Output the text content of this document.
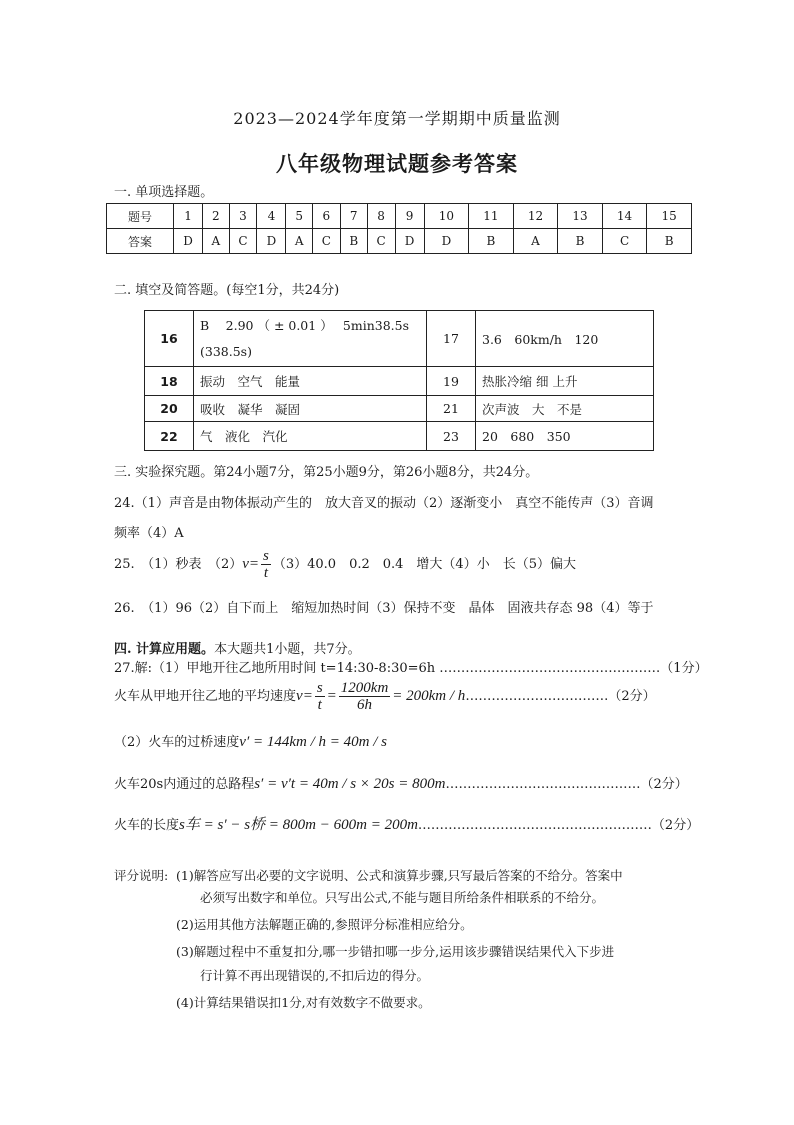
2023—2024学年度第一学期期中质量监测
八年级物理试题参考答案
一. 单项选择题。
题号	1	2	3	4	5	6	7	8	9	10	11	12	13	14	15
答案	D	A	C	D	A	C	B	C	D	D	B	A	B	C	B
二. 填空及简答题。(每空1分，共24分)
16	B　 2.90 （ ± 0.01 ）　 5min38.5s (338.5s)	17	3.6　60km/h　120
18	振动　空气　能量	19	热胀冷缩 细 上升
20	吸收　凝华　凝固	21	次声波　大　不是
22	气　液化　汽化	23	20　680　350
三. 实验探究题。第24小题7分，第25小题9分，第26小题8分，共24分。
24.（1）声音是由物体振动产生的　放大音叉的振动（2）逐渐变小　真空不能传声（3）音调
频率（4）A
25.　（1）秒表　$(2)v= \frac{s}{t} (3)40.0$　0.2　0.4　增大（4）小　长（5）偏大
26.　（1）96（2）自下而上　缩短加热时间（3）保持不变　晶体　固液共存态 98（4）等于
四. 计算应用题。本大题共1小题，共7分。
27.解:（1）甲地开往乙地所用时间 t=14:30-8:30=6h ……………………………………………（1分）
火车从甲地开往乙地的平均速度$v= \frac{s}{t} = \frac{1200km}{6h} = 200km$ / h……………………………（2分）
（2）火车的过桥速度v′ = 144km / h = 40m / s
火车20s内通过的总路程s′ = v′t = 40m / s × 20s = 800m………………………………………（2分）
火车的长度s车 = s′ − s桥 = 800m − 600m = 200m………………………………………………（2分）
评分说明: (1)解答应写出必要的文字说明、公式和演算步骤,只写最后答案的不给分。答案中
必须写出数字和单位。只写出公式,不能与题目所给条件相联系的不给分。
(2)运用其他方法解题正确的,参照评分标准相应给分。
(3)解题过程中不重复扣分,哪一步错扣哪一步分,运用该步骤错误结果代入下步进
行计算不再出现错误的,不扣后边的得分。
(4)计算结果错误扣1分,对有效数字不做要求。
